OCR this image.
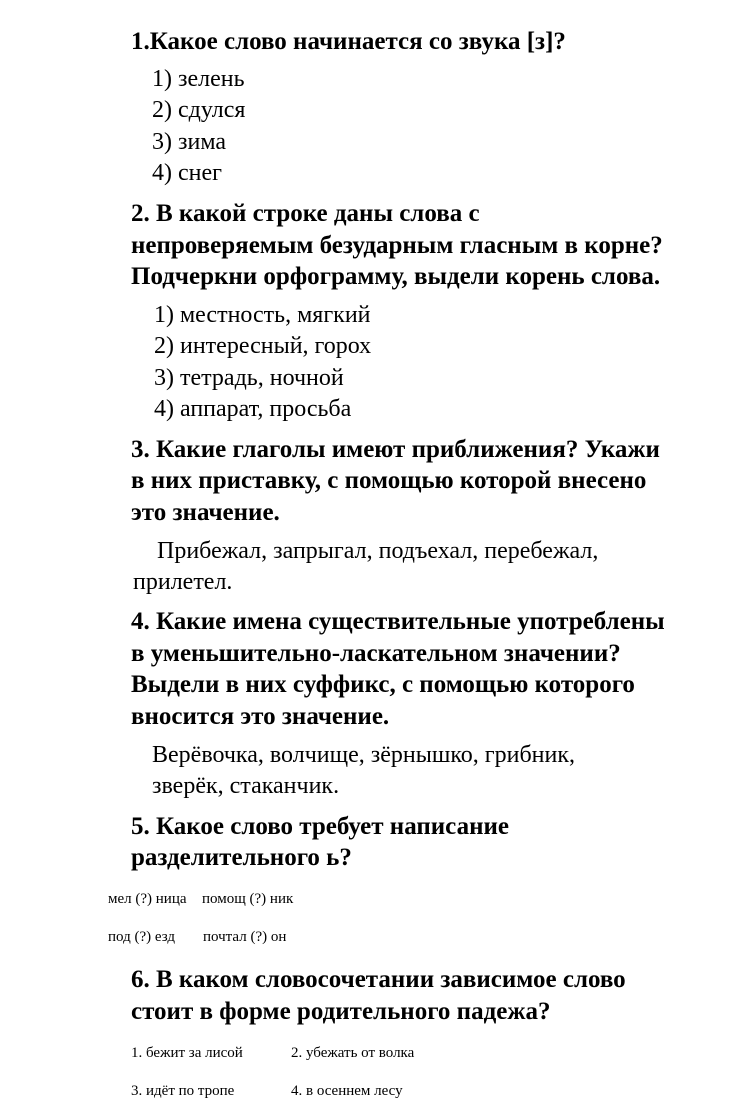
1.Какое слово начинается со звука [з]?
1) зелень
2) сдулся
3) зима
4) снег
2. В какой строке даны слова с
непроверяемым безударным гласным в корне?
Подчеркни орфограмму, выдели корень слова.
1) местность, мягкий
2) интересный, горох
3) тетрадь, ночной
4) аппарат, просьба
3. Какие глаголы имеют приближения? Укажи
в них приставку, с помощью которой внесено
это значение.
Прибежал, запрыгал, подъехал, перебежал,
прилетел.
4. Какие имена существительные употреблены
в уменьшительно-ласкательном значении?
Выдели в них суффикс, с помощью которого
вносится это значение.
Верёвочка, волчище, зёрнышко, грибник,
зверёк, стаканчик.
5. Какое слово требует написание
разделительного ь?
мел (?) ница помощ (?) ник
под (?) езд почтал (?) он
6. В каком словосочетании зависимое слово
стоит в форме родительного падежа?
1. бежит за лисой	2. убежать от волка
3. идёт по тропе	4. в осеннем лесу
